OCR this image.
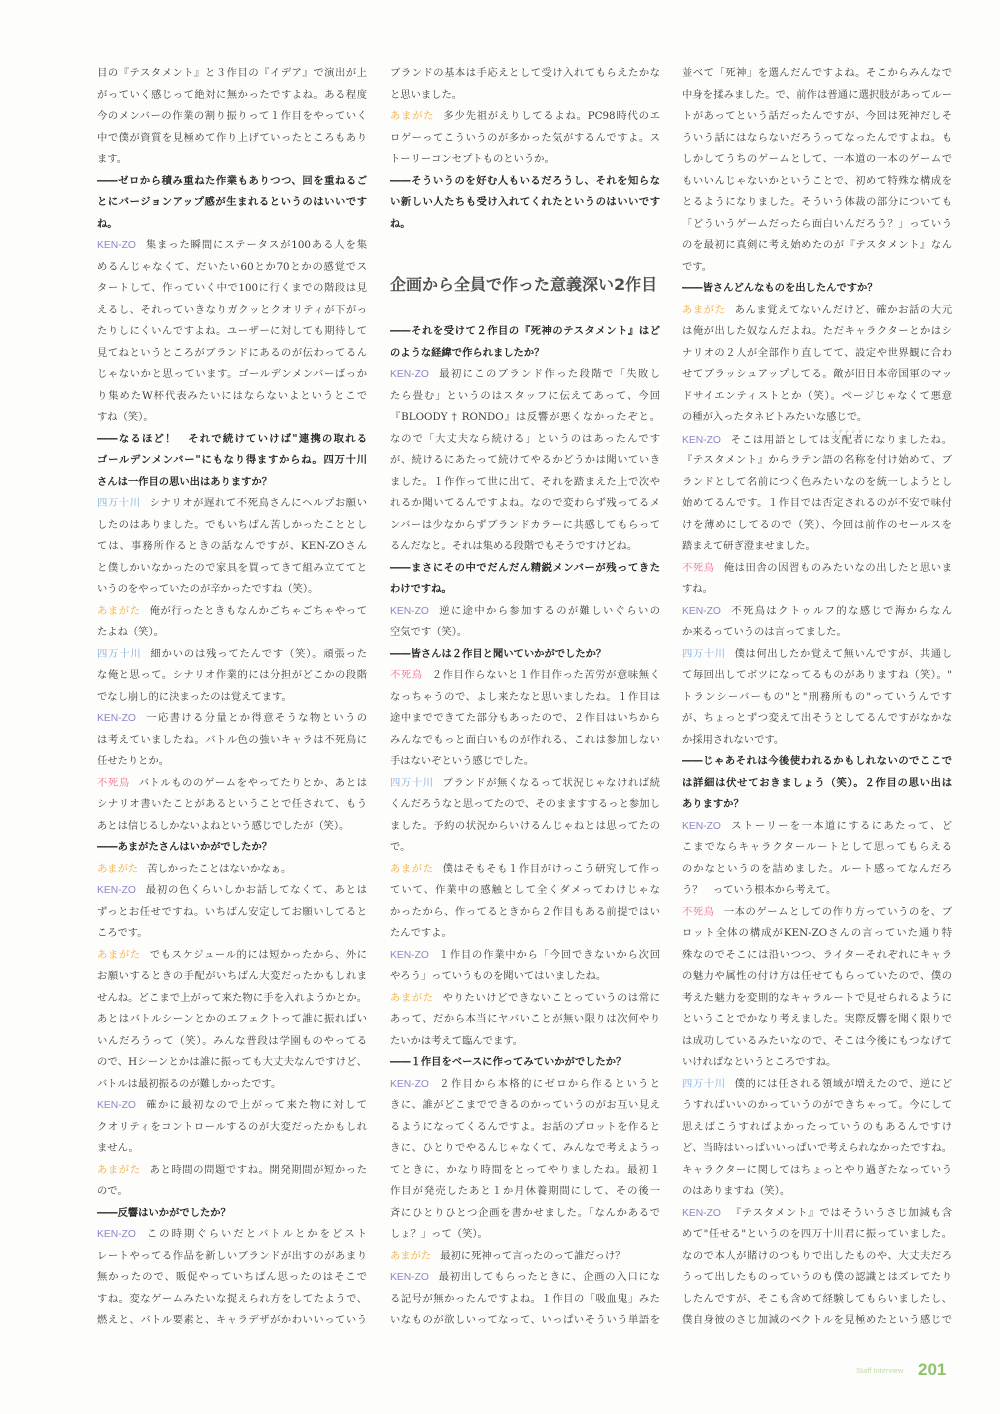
目の『テスタメント』と３作目の『イデア』で演出が上
がっていく感じって絶対に無かったですよね。ある程度
今のメンバーの作業の割り振りって１作目をやっていく
中で僕が資質を見極めて作り上げていったところもあり
ます。
――ゼロから積み重ねた作業もありつつ、回を重ねるご
とにバージョンアップ感が生まれるというのはいいです
ね。
KEN-ZO 集まった瞬間にステータスが100ある人を集
めるんじゃなくて、だいたい60とか70とかの感覚でス
タートして、作っていく中で100に行くまでの階段は見
えるし、それっていきなりガクッとクオリティが下がっ
たりしにくいんですよね。ユーザーに対しても期待して
見てねというところがブランドにあるのが伝わってるん
じゃないかと思っています。ゴールデンメンバーばっか
り集めたW杯代表みたいにはならないよというとこで
すね（笑）。
――なるほど！　それで続けていけば"連携の取れる
ゴールデンメンバー"にもなり得ますからね。四万十川
さんは一作目の思い出はありますか？
四万十川 シナリオが遅れて不死鳥さんにヘルプお願い
したのはありました。でもいちばん苦しかったこととし
ては、事務所作るときの話なんですが、KEN-ZOさん
と僕しかいなかったので家具を買ってきて組み立ててと
いうのをやっていたのが辛かったですね（笑）。
あまがた 俺が行ったときもなんかごちゃごちゃやって
たよね（笑）。
四万十川 細かいのは残ってたんです（笑）。頑張った
な俺と思って。シナリオ作業的には分担がどこかの段階
でなし崩し的に決まったのは覚えてます。
KEN-ZO 一応書ける分量とか得意そうな物というの
は考えていましたね。バトル色の強いキャラは不死鳥に
任せたりとか。
不死鳥 バトルもののゲームをやってたりとか、あとは
シナリオ書いたことがあるということで任されて、もう
あとは信じるしかないよねという感じでしたが（笑）。
――あまがたさんはいかがでしたか？
あまがた 苦しかったことはないかなぁ。
KEN-ZO 最初の色くらいしかお話してなくて、あとは
ずっとお任せですね。いちばん安定してお願いしてると
ころです。
あまがた でもスケジュール的には短かったから、外に
お願いするときの手配がいちばん大変だったかもしれま
せんね。どこまで上がって来た物に手を入れようかとか。
あとはバトルシーンとかのエフェクトって誰に振ればい
いんだろうって（笑）。みんな普段は学園ものやってる
ので、Hシーンとかは誰に振っても大丈夫なんですけど、
バトルは最初振るのが難しかったです。
KEN-ZO 確かに最初なので上がって来た物に対して
クオリティをコントロールするのが大変だったかもしれ
ません。
あまがた あと時間の問題ですね。開発期間が短かった
ので。
――反響はいかがでしたか？
KEN-ZO この時期ぐらいだとバトルとかをどスト
レートやってる作品を新しいブランドが出すのがあまり
無かったので、販促やっていちばん思ったのはそこで
すね。変なゲームみたいな捉えられ方をしてたようで、
燃えと、バトル要素と、キャラデザがかわいいっていう
ブランドの基本は手応えとして受け入れてもらえたかな
と思いました。
あまがた 多少先祖がえりしてるよね。PC98時代のエ
ロゲーってこういうのが多かった気がするんですよ。ス
トーリーコンセプトものというか。
――そういうのを好む人もいるだろうし、それを知らな
い新しい人たちも受け入れてくれたというのはいいです
ね。
企画から全員で作った意義深い2作目
――それを受けて２作目の『死神のテスタメント』はど
のような経緯で作られましたか？
KEN-ZO 最初にこのブランド作った段階で「失敗し
たら畳む」というのはスタッフに伝えてあって、今回
『BLOODY † RONDO』は反響が悪くなかったぞと。
なので「大丈夫なら続ける」というのはあったんです
が、続けるにあたって続けてやるかどうかは聞いていき
ました。１作作って世に出て、それを踏まえた上で次や
れるか聞いてるんですよね。なので変わらず残ってるメ
ンバーは少なからずブランドカラーに共感してもらって
るんだなと。それは集める段階でもそうですけどね。
――まさにその中でだんだん精鋭メンバーが残ってきた
わけですね。
KEN-ZO 逆に途中から参加するのが難しいぐらいの
空気です（笑）。
――皆さんは２作目と聞いていかがでしたか？
不死鳥 ２作目作らないと１作目作った苦労が意味無く
なっちゃうので、よし来たなと思いましたね。１作目は
途中までできてた部分もあったので、２作目はいちから
みんなでもっと面白いものが作れる、これは参加しない
手はないぞという感じでした。
四万十川 ブランドが無くなるって状況じゃなければ続
くんだろうなと思ってたので、そのまますするっと参加し
ました。予約の状況からいけるんじゃねとは思ってたの
で。
あまがた 僕はそもそも１作目がけっこう研究して作っ
ていて、作業中の感触として全くダメってわけじゃな
かったから、作ってるときから２作目もある前提ではい
たんですよ。
KEN-ZO １作目の作業中から「今回できないから次回
やろう」っていうものを聞いてはいましたね。
あまがた やりたいけどできないことっていうのは常に
あって、だから本当にヤバいことが無い限りは次何やり
たいかは考えて臨んでます。
――１作目をベースに作ってみていかがでしたか？
KEN-ZO ２作目から本格的にゼロから作るというと
きに、誰がどこまでできるのかっていうのがお互い見え
るようになってくるんですよ。お話のプロットを作ると
きに、ひとりでやるんじゃなくて、みんなで考えようっ
てときに、かなり時間をとってやりましたね。最初１
作目が発売したあと１か月休養期間にして、その後一
斉にひとりひとつ企画を書かせました。「なんかあるで
しょ？」って（笑）。
あまがた 最初に死神って言ったのって誰だっけ？
KEN-ZO 最初出してもらったときに、企画の入口にな
る記号が無かったんですよね。１作目の「吸血鬼」みた
いなものが欲しいってなって、いっぱいそういう単語を
並べて「死神」を選んだんですよね。そこからみんなで
中身を揉みました。で、前作は普通に選択肢があってルー
トがあってという話だったんですが、今回は死神だしそ
ういう話にはならないだろうってなったんですよね。も
しかしてうちのゲームとして、一本道の一本のゲームで
もいいんじゃないかということで、初めて特殊な構成を
とるようになりました。そういう体裁の部分についても
「どういうゲームだったら面白いんだろう？」っていう
のを最初に真剣に考え始めたのが『テスタメント』なん
です。
――皆さんどんなものを出したんですか？
あまがた あんま覚えてないんだけど、確かお話の大元
は俺が出した奴なんだよね。ただキャラクターとかはシ
ナリオの２人が全部作り直してて、設定や世界観に合わ
せてブラッシュアップしてる。敵が旧日本帝国軍のマッ
ドサイエンティストとか（笑）。ページじゃなくて悪意
の種が入ったタネビトみたいな感じで。
KEN-ZO そこは用語としては支配者レグナントになりましたね。
『テスタメント』からラテン語の名称を付け始めて、ブ
ランドとして名前につく色みたいなのを統一しようとし
始めてるんです。１作目では否定されるのが不安で味付
けを薄めにしてるので（笑）、今回は前作のセールスを
踏まえて研ぎ澄ませました。
不死鳥 俺は田舎の因習ものみたいなの出したと思いま
すね。
KEN-ZO 不死鳥はクトゥルフ的な感じで海からなん
か来るっていうのは言ってました。
四万十川 僕は何出したか覚えて無いんですが、共通し
て毎回出してボツになってるものがありますね（笑）。"
トランシーバーもの"と"刑務所もの"っていうんです
が、ちょっとずつ変えて出そうとしてるんですがなかな
か採用されないです。
――じゃあそれは今後使われるかもしれないのでここで
は詳細は伏せておきましょう（笑）。２作目の思い出は
ありますか？
KEN-ZO ストーリーを一本道にするにあたって、ど
こまでならキャラクタールートとして思ってもらえる
のかなというのを詰めました。ルート感ってなんだろ
う？　っていう根本から考えて。
不死鳥 一本のゲームとしての作り方っていうのを、ブ
ロット全体の構成がKEN-ZOさんの言っていた通り特
殊なのでそこには沿いつつ、ライターそれぞれにキャラ
の魅力や属性の付け方は任せてもらっていたので、僕の
考えた魅力を変則的なキャラルートで見せられるように
ということでかなり考えました。実際反響を聞く限りで
は成功しているみたいなので、そこは今後にもつなげて
いければなというところですね。
四万十川 僕的には任される領域が増えたので、逆にど
うすればいいのかっていうのができちゃって。今にして
思えばこうすればよかったっていうのもあるんですけ
ど、当時はいっぱいいっぱいで考えられなかったですね。
キャラクターに関してはちょっとやり過ぎたなっていう
のはありますね（笑）。
KEN-ZO 『テスタメント』ではそういうさじ加減も含
めて"任せる"というのを四万十川君に振っていました。
なので本人が賭けのつもりで出したものや、大丈夫だろ
うって出したものっていうのも僕の認識とはズレてたり
したんですが、そこも含めて経験してもらいましたし、
僕自身彼のさじ加減のベクトルを見極めたという感じで
Staff Interview 201
